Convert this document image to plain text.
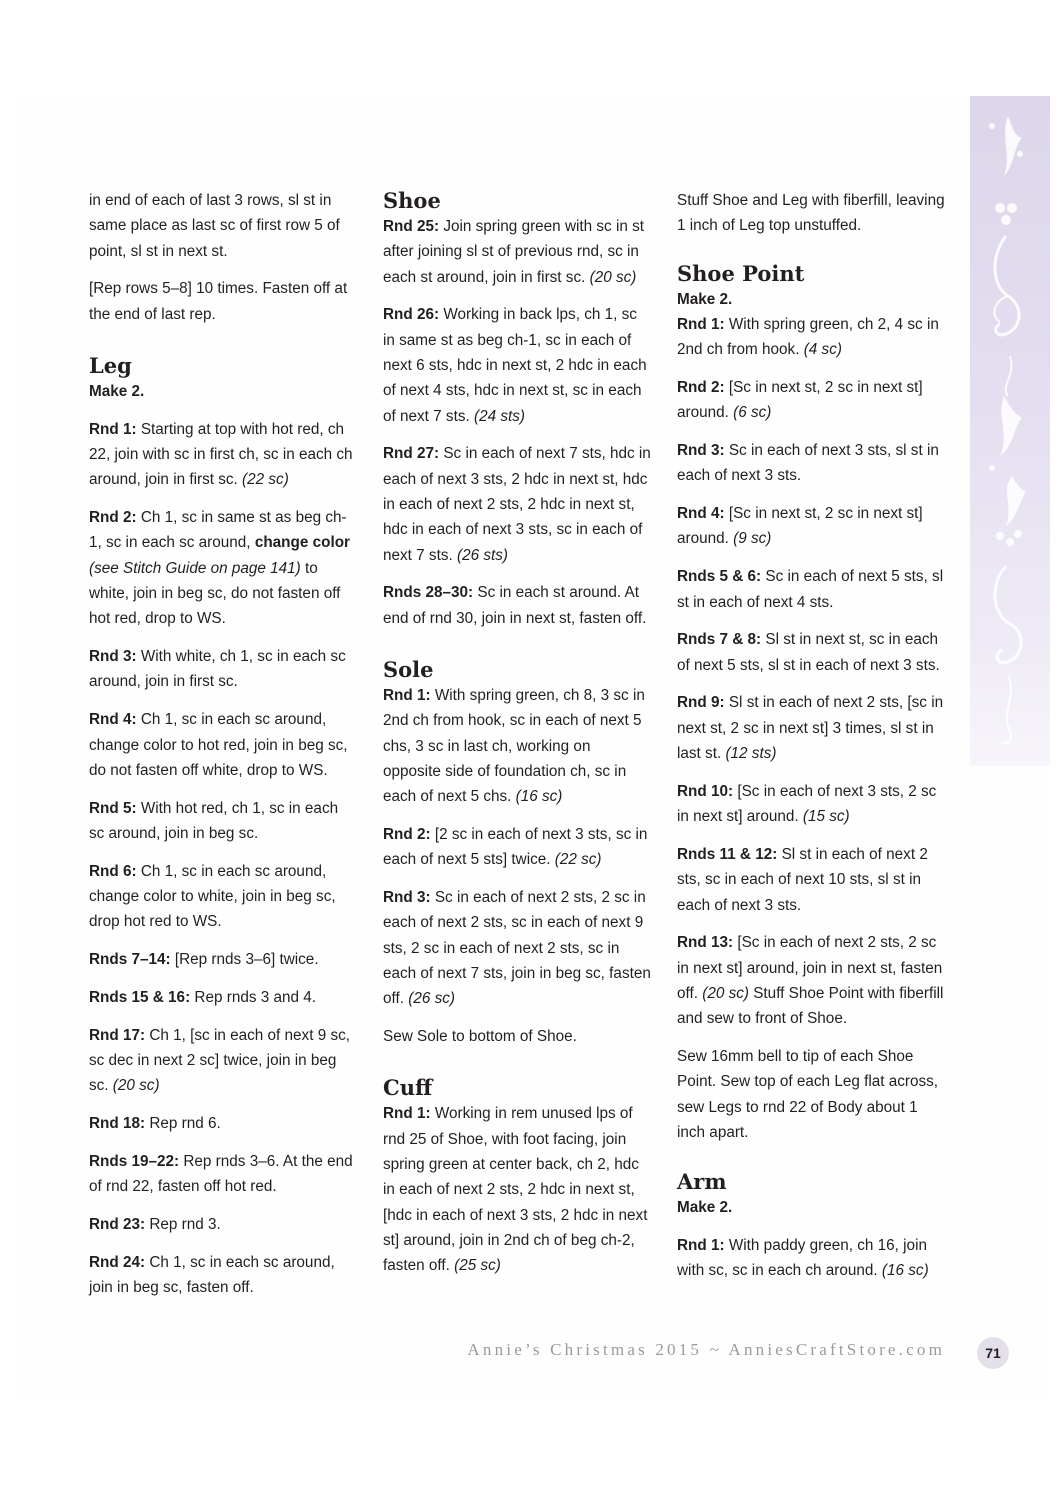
in end of each of last 3 rows, sl st in same place as last sc of first row 5 of point, sl st in next st.

[Rep rows 5–8] 10 times. Fasten off at the end of last rep.

Leg
Make 2.

Rnd 1: Starting at top with hot red, ch 22, join with sc in first ch, sc in each ch around, join in first sc. (22 sc)

Rnd 2: Ch 1, sc in same st as beg ch-1, sc in each sc around, change color
(see Stitch Guide on page 141) to white, join in beg sc, do not fasten off hot red, drop to WS.

Rnd 3: With white, ch 1, sc in each sc around, join in first sc.

Rnd 4: Ch 1, sc in each sc around, change color to hot red, join in beg sc, do not fasten off white, drop to WS.

Rnd 5: With hot red, ch 1, sc in each sc around, join in beg sc.

Rnd 6: Ch 1, sc in each sc around, change color to white, join in beg sc, drop hot red to WS.

Rnds 7–14: [Rep rnds 3–6] twice.

Rnds 15 & 16: Rep rnds 3 and 4.

Rnd 17: Ch 1, [sc in each of next 9 sc, sc dec in next 2 sc] twice, join in beg sc. (20 sc)

Rnd 18: Rep rnd 6.

Rnds 19–22: Rep rnds 3–6. At the end of rnd 22, fasten off hot red.

Rnd 23: Rep rnd 3.

Rnd 24: Ch 1, sc in each sc around, join in beg sc, fasten off.

Shoe

Rnd 25: Join spring green with sc in st after joining sl st of previous rnd, sc in each st around, join in first sc. (20 sc)

Rnd 26: Working in back lps, ch 1, sc in same st as beg ch-1, sc in each of next 6 sts, hdc in next st, 2 hdc in each of next 4 sts, hdc in next st, sc in each of next 7 sts. (24 sts)

Rnd 27: Sc in each of next 7 sts, hdc in each of next 3 sts, 2 hdc in next st, hdc in each of next 2 sts, 2 hdc in next st, hdc in each of next 3 sts, sc in each of next 7 sts. (26 sts)

Rnds 28–30: Sc in each st around. At end of rnd 30, join in next st, fasten off.

Sole

Rnd 1: With spring green, ch 8, 3 sc in 2nd ch from hook, sc in each of next 5 chs, 3 sc in last ch, working on opposite side of foundation ch, sc in each of next 5 chs. (16 sc)

Rnd 2: [2 sc in each of next 3 sts, sc in each of next 5 sts] twice. (22 sc)

Rnd 3: Sc in each of next 2 sts, 2 sc in each of next 2 sts, sc in each of next 9 sts, 2 sc in each of next 2 sts, sc in each of next 7 sts, join in beg sc, fasten off. (26 sc)

Sew Sole to bottom of Shoe.

Cuff

Rnd 1: Working in rem unused lps of rnd 25 of Shoe, with foot facing, join spring green at center back, ch 2, hdc in each of next 2 sts, 2 hdc in next st, [hdc in each of next 3 sts, 2 hdc in next st] around, join in 2nd ch of beg ch-2, fasten off. (25 sc)

Stuff Shoe and Leg with fiberfill, leaving 1 inch of Leg top unstuffed.

Shoe Point
Make 2.

Rnd 1: With spring green, ch 2, 4 sc in 2nd ch from hook. (4 sc)

Rnd 2: [Sc in next st, 2 sc in next st] around. (6 sc)

Rnd 3: Sc in each of next 3 sts, sl st in each of next 3 sts.

Rnd 4: [Sc in next st, 2 sc in next st] around. (9 sc)

Rnds 5 & 6: Sc in each of next 5 sts, sl st in each of next 4 sts.

Rnds 7 & 8: Sl st in next st, sc in each of next 5 sts, sl st in each of next 3 sts.

Rnd 9: Sl st in each of next 2 sts, [sc in next st, 2 sc in next st] 3 times, sl st in last st. (12 sts)

Rnd 10: [Sc in each of next 3 sts, 2 sc in next st] around. (15 sc)

Rnds 11 & 12: Sl st in each of next 2 sts, sc in each of next 10 sts, sl st in each of next 3 sts.

Rnd 13: [Sc in each of next 2 sts, 2 sc in next st] around, join in next st, fasten off. (20 sc) Stuff Shoe Point with fiberfill and sew to front of Shoe.

Sew 16mm bell to tip of each Shoe Point. Sew top of each Leg flat across, sew Legs to rnd 22 of Body about 1 inch apart.

Arm
Make 2.

Rnd 1: With paddy green, ch 16, join with sc, sc in each ch around. (16 sc)

Annie’s Christmas 2015 ~ AnniesCraftStore.com	71
